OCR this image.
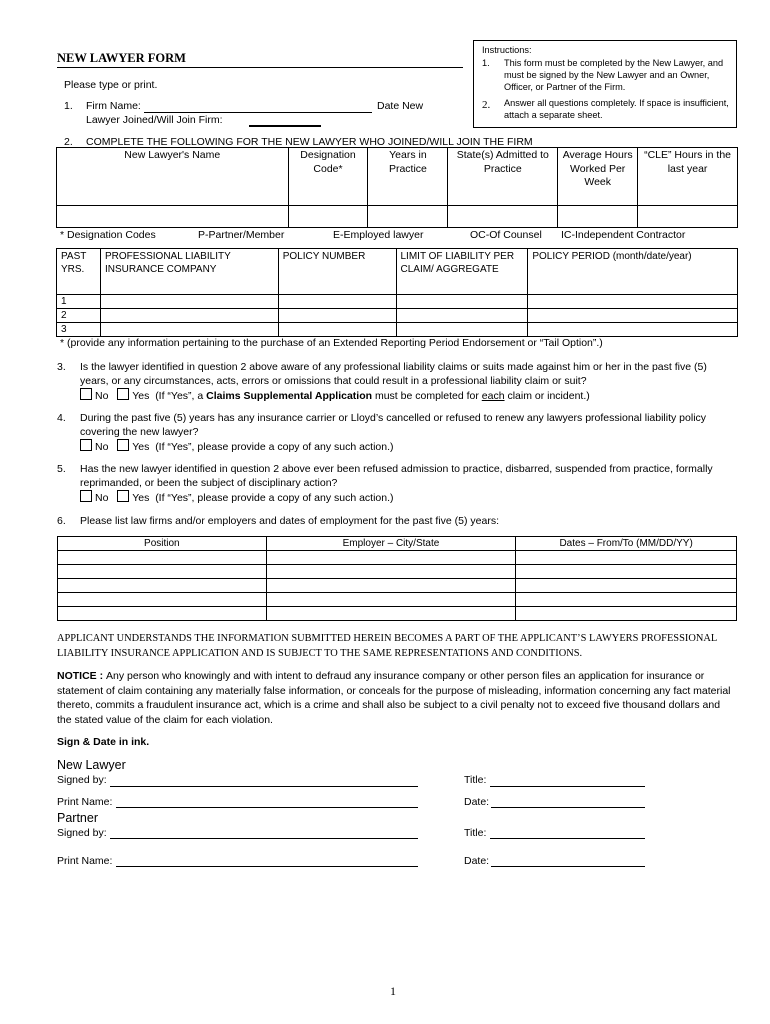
NEW LAWYER FORM
Please type or print.
Instructions:
1. This form must be completed by the New Lawyer, and must be signed by the New Lawyer and an Owner, Officer, or Partner of the Firm.
2. Answer all questions completely. If space is insufficient, attach a separate sheet.
1. Firm Name:	Date New
Lawyer Joined/Will Join Firm:
2. COMPLETE THE FOLLOWING FOR THE NEW LAWYER WHO JOINED/WILL JOIN THE FIRM
New Lawyer's Name	Designation Code*	Years in Practice	State(s) Admitted to Practice	Average Hours Worked Per Week	“CLE” Hours in the last year

* Designation Codes	P-Partner/Member	E-Employed lawyer	OC-Of Counsel IC-Independent Contractor
PAST YRS.	PROFESSIONAL LIABILITY INSURANCE COMPANY	POLICY NUMBER	LIMIT OF LIABILITY PER CLAIM/ AGGREGATE	POLICY PERIOD (month/date/year)
1				
2				
3				
* (provide any information pertaining to the purchase of an Extended Reporting Period Endorsement or “Tail Option”.)
3. Is the lawyer identified in question 2 above aware of any professional liability claims or suits made against him or her in the past five (5) years, or any circumstances, acts, errors or omissions that could result in a professional liability claim or suit?
No Yes (If “Yes”, a Claims Supplemental Application must be completed for each claim or incident.)
4. During the past five (5) years has any insurance carrier or Lloyd’s cancelled or refused to renew any lawyers professional liability policy covering the new lawyer?
No Yes (If “Yes”, please provide a copy of any such action.)
5. Has the new lawyer identified in question 2 above ever been refused admission to practice, disbarred, suspended from practice, formally reprimanded, or been the subject of disciplinary action?
No Yes (If “Yes”, please provide a copy of any such action.)
6. Please list law firms and/or employers and dates of employment for the past five (5) years:
Position	Employer – City/State	Dates – From/To (MM/DD/YY)

APPLICANT UNDERSTANDS THE INFORMATION SUBMITTED HEREIN BECOMES A PART OF THE APPLICANT’S LAWYERS PROFESSIONAL LIABILITY INSURANCE APPLICATION AND IS SUBJECT TO THE SAME REPRESENTATIONS AND CONDITIONS.
NOTICE : Any person who knowingly and with intent to defraud any insurance company or other person files an application for insurance or statement of claim containing any materially false information, or conceals for the purpose of misleading, information concerning any fact material thereto, commits a fraudulent insurance act, which is a crime and shall also be subject to a civil penalty not to exceed five thousand dollars and the stated value of the claim for each violation.
Sign & Date in ink.
New Lawyer
Signed by:	Title:
Print Name:	Date:
Partner
Signed by:	Title:
Print Name:	Date:
1
